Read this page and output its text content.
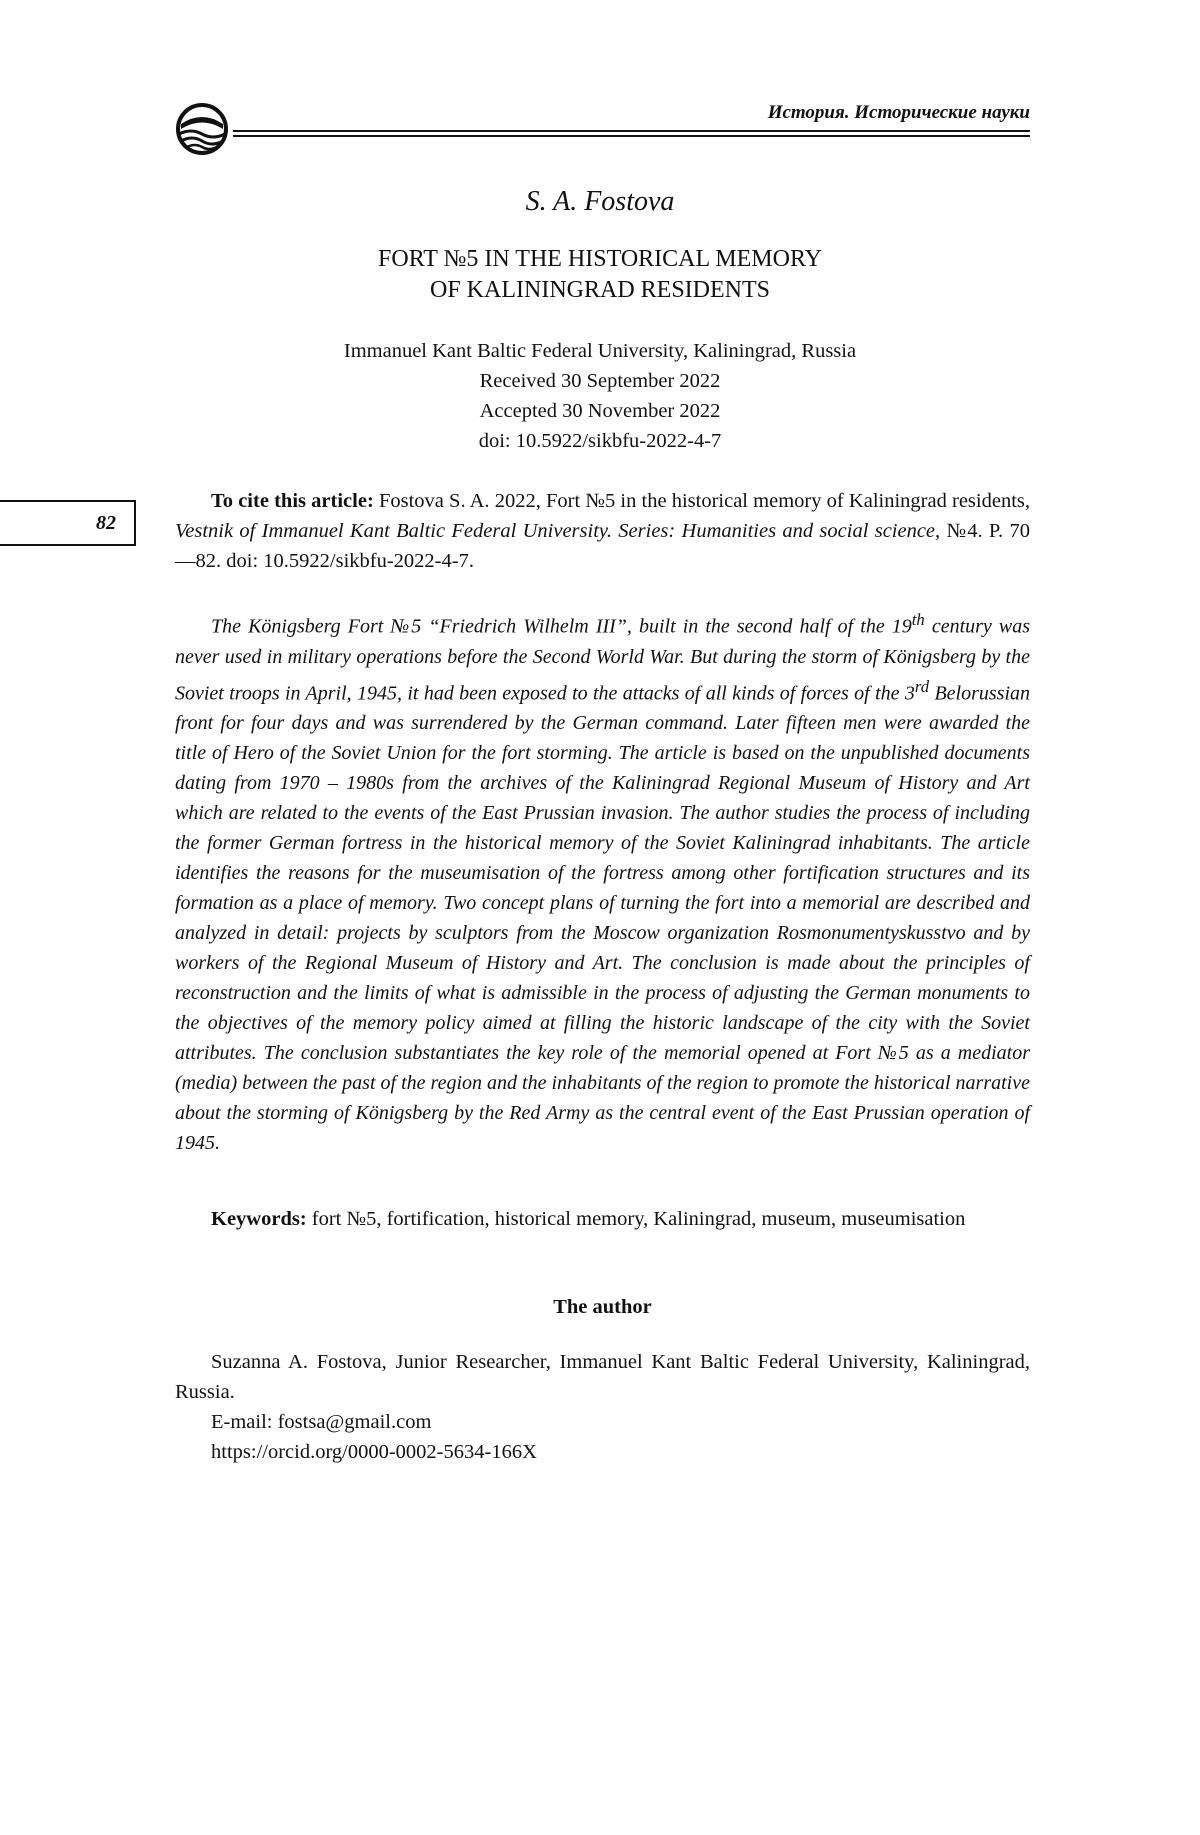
История. Исторические науки
82
S. A. Fostova
FORT №5 IN THE HISTORICAL MEMORY
OF KALININGRAD RESIDENTS
Immanuel Kant Baltic Federal University, Kaliningrad, Russia
Received 30 September 2022
Accepted 30 November 2022
doi: 10.5922/sikbfu-2022-4-7
To cite this article: Fostova S. A. 2022, Fort №5 in the historical memory of Kaliningrad residents, Vestnik of Immanuel Kant Baltic Federal University. Series: Humanities and social science, №4. P. 70—82. doi: 10.5922/sikbfu-2022-4-7.
The Königsberg Fort №5 “Friedrich Wilhelm III”, built in the second half of the 19th century was never used in military operations before the Second World War. But during the storm of Königsberg by the Soviet troops in April, 1945, it had been exposed to the attacks of all kinds of forces of the 3rd Belorussian front for four days and was surrendered by the German command. Later fifteen men were awarded the title of Hero of the Soviet Union for the fort storming. The article is based on the unpublished documents dating from 1970 – 1980s from the archives of the Kaliningrad Regional Museum of History and Art which are related to the events of the East Prussian invasion. The author studies the process of including the former German fortress in the historical memory of the Soviet Kaliningrad inhabitants. The article identifies the reasons for the museumisation of the fortress among other fortification structures and its formation as a place of memory. Two concept plans of turning the fort into a memorial are described and analyzed in detail: projects by sculptors from the Moscow organization Rosmonumentyskusstvo and by workers of the Regional Museum of History and Art. The conclusion is made about the principles of reconstruction and the limits of what is admissible in the process of adjusting the German monuments to the objectives of the memory policy aimed at filling the historic landscape of the city with the Soviet attributes. The conclusion substantiates the key role of the memorial opened at Fort №5 as a mediator (media) between the past of the region and the inhabitants of the region to promote the historical narrative about the storming of Königsberg by the Red Army as the central event of the East Prussian operation of 1945.
Keywords: fort №5, fortification, historical memory, Kaliningrad, museum, museumisation
The author

Suzanna A. Fostova, Junior Researcher, Immanuel Kant Baltic Federal University, Kaliningrad, Russia.

E-mail: fostsa@gmail.com
https://orcid.org/0000-0002-5634-166X
